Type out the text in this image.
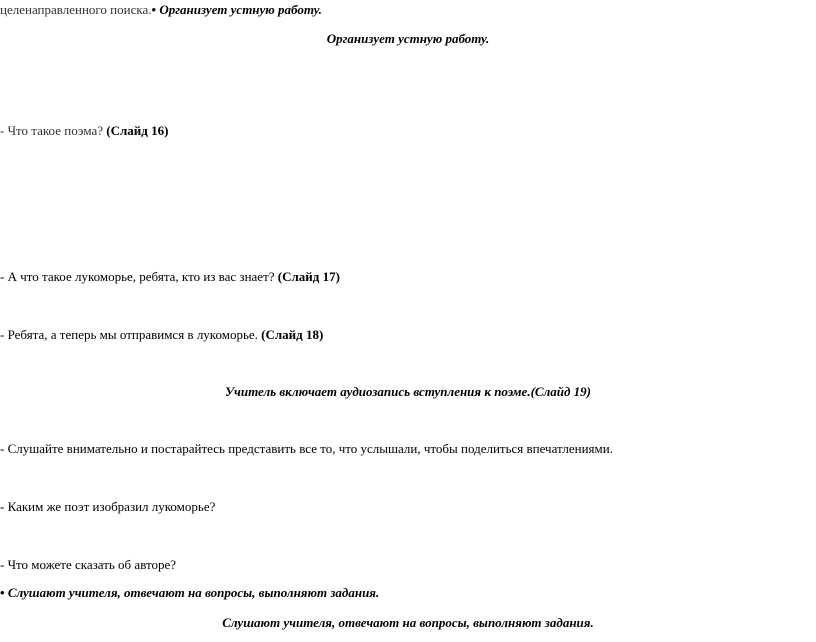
целенаправленного поиска.• Организует устную работу.
Организует устную работу.
- Что такое поэма? (Слайд 16)
- А что такое лукоморье, ребята, кто из вас знает? (Слайд 17)
- Ребята, а теперь мы отправимся в лукоморье. (Слайд 18)
Учитель включает аудиозапись вступления к поэме.(Слайд 19)
- Слушайте внимательно и постарайтесь представить все то, что услышали, чтобы поделиться впечатлениями.
- Каким же поэт изобразил лукоморье?
- Что можете сказать об авторе?
• Слушают учителя, отвечают на вопросы, выполняют задания.
Слушают учителя, отвечают на вопросы, выполняют задания.
